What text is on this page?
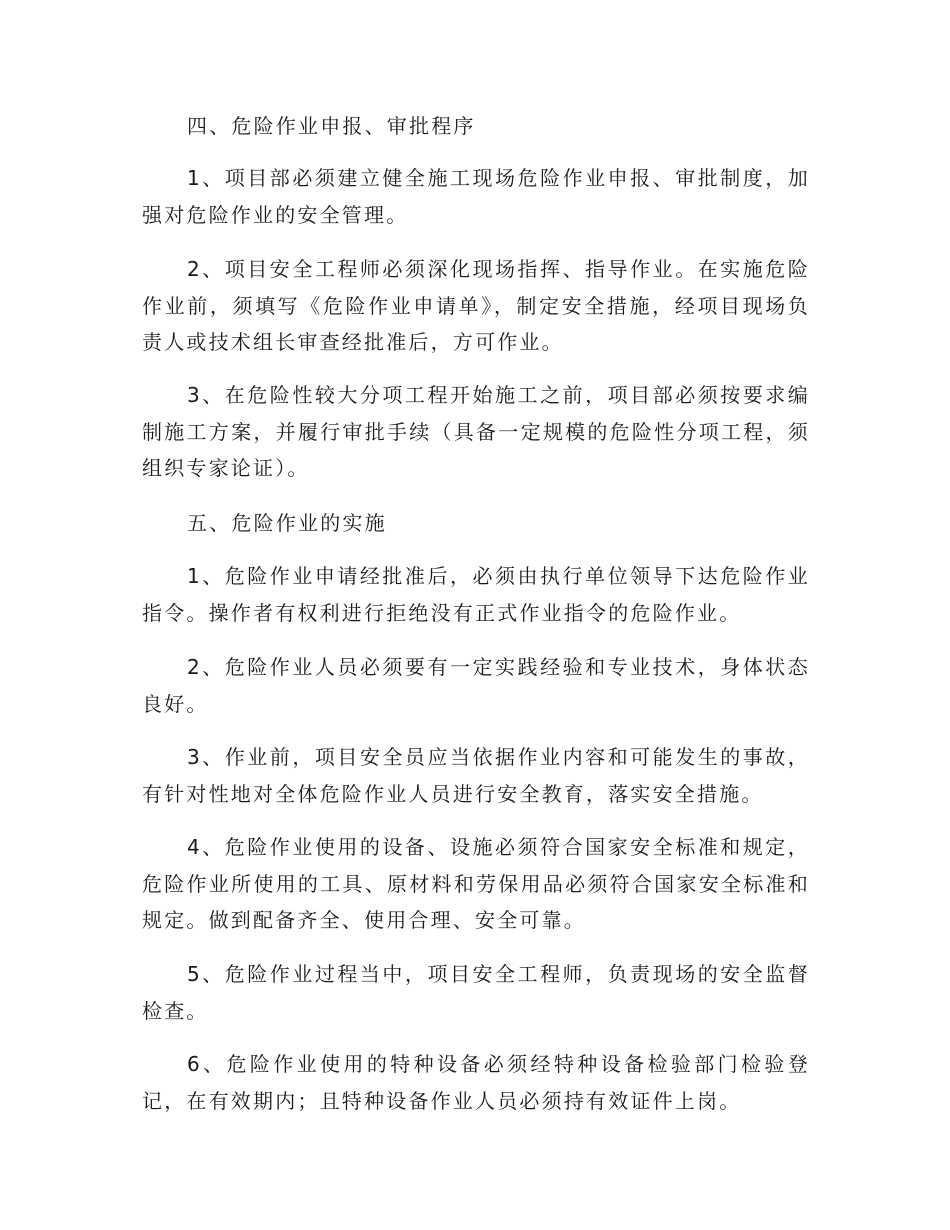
四、危险作业申报、审批程序

1、项目部必须建立健全施工现场危险作业申报、审批制度，加强对危险作业的安全管理。

2、项目安全工程师必须深化现场指挥、指导作业。在实施危险作业前，须填写《危险作业申请单》，制定安全措施，经项目现场负责人或技术组长审查经批准后，方可作业。

3、在危险性较大分项工程开始施工之前，项目部必须按要求编制施工方案，并履行审批手续（具备一定规模的危险性分项工程，须组织专家论证）。

五、危险作业的实施

1、危险作业申请经批准后，必须由执行单位领导下达危险作业指令。操作者有权利进行拒绝没有正式作业指令的危险作业。

2、危险作业人员必须要有一定实践经验和专业技术，身体状态良好。

3、作业前，项目安全员应当依据作业内容和可能发生的事故，有针对性地对全体危险作业人员进行安全教育，落实安全措施。

4、危险作业使用的设备、设施必须符合国家安全标准和规定，危险作业所使用的工具、原材料和劳保用品必须符合国家安全标准和规定。做到配备齐全、使用合理、安全可靠。

5、危险作业过程当中，项目安全工程师，负责现场的安全监督检查。

6、危险作业使用的特种设备必须经特种设备检验部门检验登记，在有效期内；且特种设备作业人员必须持有效证件上岗。
